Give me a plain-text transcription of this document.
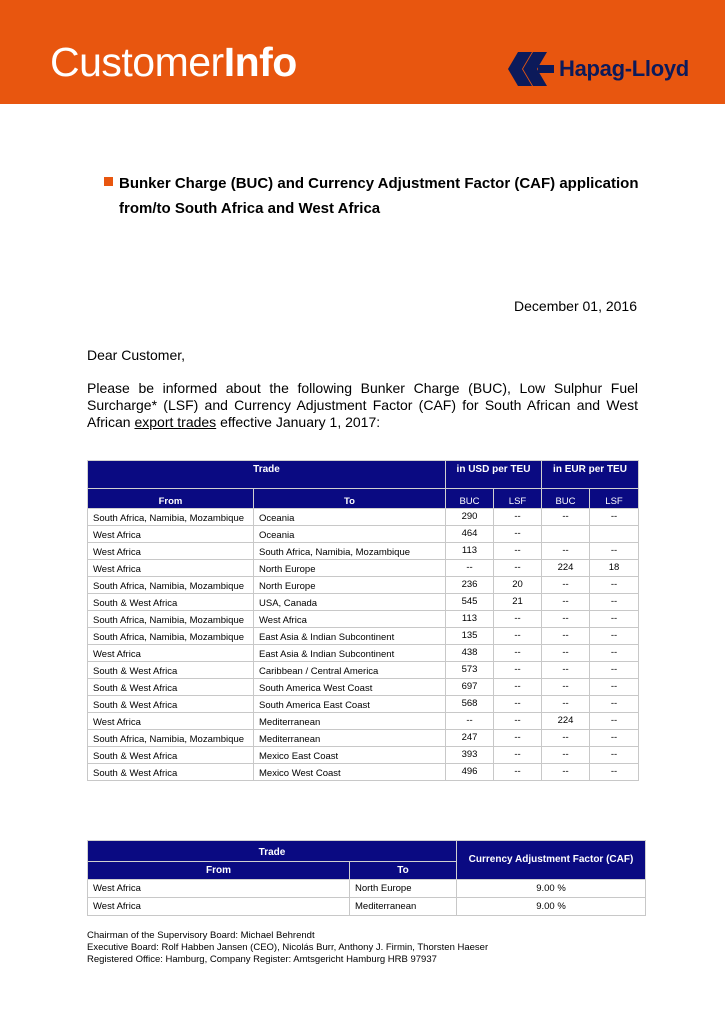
CustomerInfo	Hapag-Lloyd
Bunker Charge (BUC) and Currency Adjustment Factor (CAF) application from/to South Africa and West Africa
December 01, 2016
Dear Customer,
Please be informed about the following Bunker Charge (BUC), Low Sulphur Fuel Surcharge* (LSF) and Currency Adjustment Factor (CAF) for South African and West African export trades effective January 1, 2017:
Trade		in USD per TEU		in EUR per TEU	
From	To	BUC	LSF	BUC	LSF
South Africa, Namibia, Mozambique	Oceania	290	--	--	--
West Africa	Oceania	464	--		
West Africa	South Africa, Namibia, Mozambique	113	--	--	--
West Africa	North Europe	--	--	224	18
South Africa, Namibia, Mozambique	North Europe	236	20	--	--
South & West Africa	USA, Canada	545	21	--	--
South Africa, Namibia, Mozambique	West Africa	113	--	--	--
South Africa, Namibia, Mozambique	East Asia & Indian Subcontinent	135	--	--	--
West Africa	East Asia & Indian Subcontinent	438	--	--	--
South & West Africa	Caribbean / Central America	573	--	--	--
South & West Africa	South America West Coast	697	--	--	--
South & West Africa	South America East Coast	568	--	--	--
West Africa	Mediterranean	--	--	224	--
South Africa, Namibia, Mozambique	Mediterranean	247	--	--	--
South & West Africa	Mexico East Coast	393	--	--	--
South & West Africa	Mexico West Coast	496	--	--	--
Trade		Currency Adjustment Factor (CAF)
From	To	
West Africa	North Europe	9.00 %
West Africa	Mediterranean	9.00 %
Chairman of the Supervisory Board: Michael Behrendt
Executive Board: Rolf Habben Jansen (CEO), Nicolás Burr, Anthony J. Firmin, Thorsten Haeser
Registered Office: Hamburg, Company Register: Amtsgericht Hamburg HRB 97937
